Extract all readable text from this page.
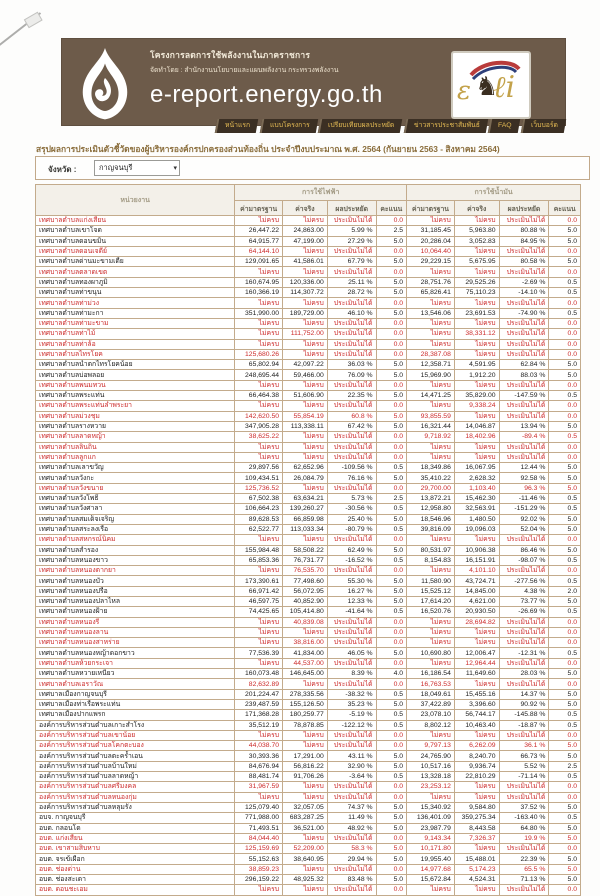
โครงการลดการใช้พลังงานในภาคราชการ
จัดทำโดย : สำนักงานนโยบายและแผนพลังงาน กระทรวงพลังงาน
e-report.energy.go.th	ε ℓi
♞
หน้าแรก	แบบโครงการ	เปรียบเทียบผลประหยัด	ข่าวสารประชาสัมพันธ์	FAQ	เว็บบอร์ด
สรุปผลการประเมินตัวชี้วัดของผู้บริหารองค์กรปกครองส่วนท้องถิ่น ประจำปีงบประมาณ พ.ศ. 2564 (กันยายน 2563 - สิงหาคม 2564)
จังหวัด :	กาญจนบุรี	▾
หน่วยงาน	การใช้ไฟฟ้า				การใช้น้ำมัน			
	ค่ามาตรฐาน	ค่าจริง	ผลประหยัด	คะแนน	ค่ามาตรฐาน	ค่าจริง	ผลประหยัด	คะแนน
เทศบาลตำบลแก่งเสี้ยน	ไม่ครบ	ไม่ครบ	ประเมินไม่ได้	0.0	ไม่ครบ	ไม่ครบ	ประเมินไม่ได้	0.0
เทศบาลตำบลเขาโจด	26,447.22	24,863.00	5.99 %	2.5	31,185.45	5,963.80	80.88 %	5.0
เทศบาลตำบลดอนขมิ้น	64,915.77	47,199.00	27.29 %	5.0	20,286.04	3,052.83	84.95 %	5.0
เทศบาลตำบลดอนเจดีย์	64,144.10	ไม่ครบ	ประเมินไม่ได้	0.0	10,064.40	ไม่ครบ	ประเมินไม่ได้	0.0
เทศบาลตำบลด่านมะขามเตี้ย	129,091.65	41,586.01	67.79 %	5.0	29,229.15	5,675.95	80.58 %	5.0
เทศบาลตำบลตลาดเขต	ไม่ครบ	ไม่ครบ	ประเมินไม่ได้	0.0	ไม่ครบ	ไม่ครบ	ประเมินไม่ได้	0.0
เทศบาลตำบลทองผาภูมิ	160,674.95	120,336.00	25.11 %	5.0	28,751.76	29,525.26	-2.69 %	0.5
เทศบาลตำบลท่าขนุน	160,366.19	114,307.72	28.72 %	5.0	65,826.41	75,110.23	-14.10 %	0.5
เทศบาลตำบลท่าม่วง	ไม่ครบ	ไม่ครบ	ประเมินไม่ได้	0.0	ไม่ครบ	ไม่ครบ	ประเมินไม่ได้	0.0
เทศบาลตำบลท่ามะกา	351,990.00	189,729.00	46.10 %	5.0	13,546.06	23,691.53	-74.90 %	0.5
เทศบาลตำบลท่ามะขาม	ไม่ครบ	ไม่ครบ	ประเมินไม่ได้	0.0	ไม่ครบ	ไม่ครบ	ประเมินไม่ได้	0.0
เทศบาลตำบลท่าไม้	ไม่ครบ	111,752.00	ประเมินไม่ได้	0.0	ไม่ครบ	38,331.12	ประเมินไม่ได้	0.0
เทศบาลตำบลท่าล้อ	ไม่ครบ	ไม่ครบ	ประเมินไม่ได้	0.0	ไม่ครบ	ไม่ครบ	ประเมินไม่ได้	0.0
เทศบาลตำบลไทรโยค	125,680.26	ไม่ครบ	ประเมินไม่ได้	0.0	28,387.08	ไม่ครบ	ประเมินไม่ได้	0.0
เทศบาลตำบลน้ำตกไทรโยคน้อย	65,802.94	42,097.22	36.03 %	5.0	12,358.71	4,591.95	62.84 %	5.0
เทศบาลตำบลบ่อพลอย	248,695.44	59,466.00	76.09 %	5.0	15,969.90	1,912.20	88.03 %	5.0
เทศบาลตำบลพนมทวน	ไม่ครบ	ไม่ครบ	ประเมินไม่ได้	0.0	ไม่ครบ	ไม่ครบ	ประเมินไม่ได้	0.0
เทศบาลตำบลพระแท่น	66,464.38	51,606.90	22.35 %	5.0	14,471.25	35,829.00	-147.59 %	0.5
เทศบาลตำบลพระแท่นลำพระยา	ไม่ครบ	ไม่ครบ	ประเมินไม่ได้	0.0	ไม่ครบ	9,338.24	ประเมินไม่ได้	0.0
เทศบาลตำบลม่วงชุม	142,620.50	55,854.19	60.8 %	5.0	93,855.59	ไม่ครบ	ประเมินไม่ได้	0.0
เทศบาลตำบลรางหวาย	347,905.28	113,338.11	67.42 %	5.0	16,321.44	14,046.87	13.94 %	5.0
เทศบาลตำบลลาดหญ้า	38,625.22	ไม่ครบ	ประเมินไม่ได้	0.0	9,718.92	18,402.96	-89.4 %	0.5
เทศบาลตำบลลิ่นถิ่น	ไม่ครบ	ไม่ครบ	ประเมินไม่ได้	0.0	ไม่ครบ	ไม่ครบ	ประเมินไม่ได้	0.0
เทศบาลตำบลลูกแก	ไม่ครบ	ไม่ครบ	ประเมินไม่ได้	0.0	ไม่ครบ	ไม่ครบ	ประเมินไม่ได้	0.0
เทศบาลตำบลเลาขวัญ	29,897.56	62,652.96	-109.56 %	0.5	18,349.86	16,067.95	12.44 %	5.0
เทศบาลตำบลวังกะ	109,434.51	26,084.79	76.16 %	5.0	35,410.22	2,628.32	92.58 %	5.0
เทศบาลตำบลวังขนาย	125,736.52	ไม่ครบ	ประเมินไม่ได้	0.0	29,700.00	1,103.40	96.3 %	5.0
เทศบาลตำบลวังโพธิ์	67,502.38	63,634.21	5.73 %	2.5	13,872.21	15,462.30	-11.46 %	0.5
เทศบาลตำบลวังศาลา	106,664.23	139,260.27	-30.56 %	0.5	12,958.80	32,563.91	-151.29 %	0.5
เทศบาลตำบลสมเด็จเจริญ	89,628.53	66,859.98	25.40 %	5.0	18,546.96	1,480.50	92.02 %	5.0
เทศบาลตำบลสระลงเรือ	62,522.77	113,033.34	-80.79 %	0.5	39,816.09	19,096.03	52.04 %	5.0
เทศบาลตำบลสหกรณ์นิคม	ไม่ครบ	ไม่ครบ	ประเมินไม่ได้	0.0	ไม่ครบ	ไม่ครบ	ประเมินไม่ได้	0.0
เทศบาลตำบลสำรอง	155,984.48	58,508.22	62.49 %	5.0	80,531.97	10,906.38	86.46 %	5.0
เทศบาลตำบลหนองขาว	65,853.36	76,731.77	-16.52 %	0.5	8,154.83	16,151.91	-98.07 %	0.5
เทศบาลตำบลหนองตากยา	ไม่ครบ	76,535.70	ประเมินไม่ได้	0.0	ไม่ครบ	4,101.10	ประเมินไม่ได้	0.0
เทศบาลตำบลหนองบัว	173,390.61	77,498.60	55.30 %	5.0	11,580.90	43,724.71	-277.56 %	0.5
เทศบาลตำบลหนองปรือ	66,971.42	56,072.95	16.27 %	5.0	15,525.12	14,845.00	4.38 %	2.0
เทศบาลตำบลหนองปลาไหล	46,597.75	40,852.90	12.33 %	5.0	17,614.20	4,621.00	73.77 %	5.0
เทศบาลตำบลหนองฝ้าย	74,425.65	105,414.80	-41.64 %	0.5	16,520.76	20,930.50	-26.69 %	0.5
เทศบาลตำบลหนองรี	ไม่ครบ	40,839.08	ประเมินไม่ได้	0.0	ไม่ครบ	28,694.82	ประเมินไม่ได้	0.0
เทศบาลตำบลหนองลาน	ไม่ครบ	ไม่ครบ	ประเมินไม่ได้	0.0	ไม่ครบ	ไม่ครบ	ประเมินไม่ได้	0.0
เทศบาลตำบลหนองสาหร่าย	ไม่ครบ	38,816.00	ประเมินไม่ได้	0.0	ไม่ครบ	ไม่ครบ	ประเมินไม่ได้	0.0
เทศบาลตำบลหนองหญ้าดอกขาว	77,536.39	41,834.00	46.05 %	5.0	10,690.80	12,006.47	-12.31 %	0.5
เทศบาลตำบลห้วยกระเจา	ไม่ครบ	44,537.00	ประเมินไม่ได้	0.0	ไม่ครบ	12,964.44	ประเมินไม่ได้	0.0
เทศบาลตำบลหวายเหนียว	160,073.48	146,645.00	8.39 %	4.0	16,186.54	11,649.60	28.03 %	5.0
เทศบาลตำบลเอราวัณ	82,632.89	ไม่ครบ	ประเมินไม่ได้	0.0	16,763.53	ไม่ครบ	ประเมินไม่ได้	0.0
เทศบาลเมืองกาญจนบุรี	201,224.47	278,335.56	-38.32 %	0.5	18,049.61	15,455.16	14.37 %	5.0
เทศบาลเมืองท่าเรือพระแท่น	239,487.59	155,126.50	35.23 %	5.0	37,422.89	3,396.60	90.92 %	5.0
เทศบาลเมืองปากแพรก	171,368.28	180,259.77	-5.19 %	0.5	23,078.10	56,744.17	-145.88 %	0.5
องค์การบริหารส่วนตำบลเกาะสำโรง	35,512.19	78,878.85	-122.12 %	0.5	8,802.12	10,463.40	-18.87 %	0.5
องค์การบริหารส่วนตำบลเขาน้อย	ไม่ครบ	ไม่ครบ	ประเมินไม่ได้	0.0	ไม่ครบ	ไม่ครบ	ประเมินไม่ได้	0.0
องค์การบริหารส่วนตำบลโคกตะบอง	44,038.70	ไม่ครบ	ประเมินไม่ได้	0.0	9,797.13	6,262.09	36.1 %	5.0
องค์การบริหารส่วนตำบลตะคร้ำเอน	30,393.36	17,291.00	43.11 %	5.0	24,765.90	8,240.70	66.73 %	5.0
องค์การบริหารส่วนตำบลบ้านใหม่	84,676.94	56,816.22	32.90 %	5.0	10,517.16	9,936.74	5.52 %	2.5
องค์การบริหารส่วนตำบลลาดหญ้า	88,481.74	91,706.26	-3.64 %	0.5	13,328.18	22,810.29	-71.14 %	0.5
องค์การบริหารส่วนตำบลศรีมงคล	31,967.59	ไม่ครบ	ประเมินไม่ได้	0.0	23,253.12	ไม่ครบ	ประเมินไม่ได้	0.0
องค์การบริหารส่วนตำบลหนองกุ่ม	ไม่ครบ	ไม่ครบ	ประเมินไม่ได้	0.0	ไม่ครบ	ไม่ครบ	ประเมินไม่ได้	0.0
องค์การบริหารส่วนตำบลหลุมรัง	125,079.40	32,057.05	74.37 %	5.0	15,340.92	9,584.80	37.52 %	5.0
อบจ. กาญจนบุรี	771,988.00	683,287.25	11.49 %	5.0	136,401.09	359,275.34	-163.40 %	0.5
อบต. กลอนโด	71,493.51	36,521.00	48.92 %	5.0	23,987.79	8,443.58	64.80 %	5.0
อบต. แก่งเสี้ยน	84,044.40	ไม่ครบ	ประเมินไม่ได้	0.0	9,143.34	7,326.37	19.9 %	5.0
อบต. เขาสามสิบหาบ	125,159.69	52,209.00	58.3 %	5.0	10,171.80	ไม่ครบ	ประเมินไม่ได้	0.0
อบต. จรเข้เผือก	55,152.63	38,640.95	29.94 %	5.0	19,955.40	15,488.01	22.39 %	5.0
อบต. ช่องด่าน	38,859.23	ไม่ครบ	ประเมินไม่ได้	0.0	14,977.68	5,174.23	65.5 %	5.0
อบต. ช่องสะเดา	296,159.22	48,925.32	83.48 %	5.0	15,672.84	4,524.31	71.13 %	5.0
อบต. ดอนชะเอม	ไม่ครบ	ไม่ครบ	ประเมินไม่ได้	0.0	ไม่ครบ	ไม่ครบ	ประเมินไม่ได้	0.0
